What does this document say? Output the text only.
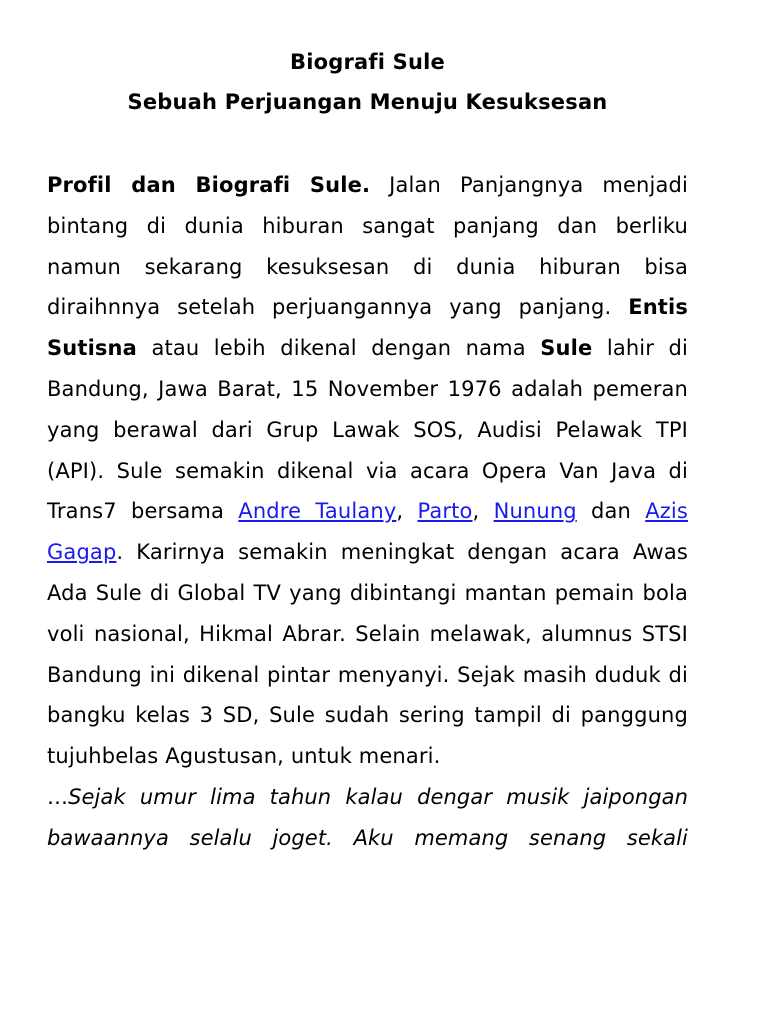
Biografi Sule

Sebuah Perjuangan Menuju Kesuksesan

Profil dan Biografi Sule. Jalan Panjangnya menjadi bintang di dunia hiburan sangat panjang dan berliku namun sekarang kesuksesan di dunia hiburan bisa diraihnnya setelah perjuangannya yang panjang. Entis Sutisna atau lebih dikenal dengan nama Sule lahir di Bandung, Jawa Barat, 15 November 1976 adalah pemeran yang berawal dari Grup Lawak SOS, Audisi Pelawak TPI (API). Sule semakin dikenal via acara Opera Van Java di Trans7 bersama Andre Taulany, Parto, Nunung dan Azis Gagap. Karirnya semakin meningkat dengan acara Awas Ada Sule di Global TV yang dibintangi mantan pemain bola voli nasional, Hikmal Abrar. Selain melawak, alumnus STSI Bandung ini dikenal pintar menyanyi. Sejak masih duduk di bangku kelas 3 SD, Sule sudah sering tampil di panggung tujuhbelas Agustusan, untuk menari.

…Sejak umur lima tahun kalau dengar musik jaipongan

bawaannya selalu joget. Aku memang senang sekali
